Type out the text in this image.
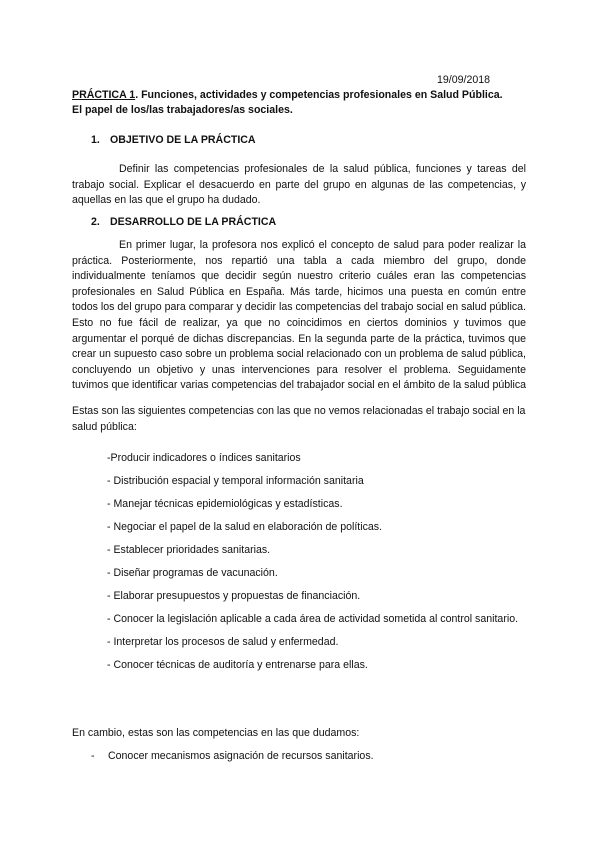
19/09/2018
PRÁCTICA 1. Funciones, actividades y competencias profesionales en Salud Pública.
El papel de los/las trabajadores/as sociales.
1. OBJETIVO DE LA PRÁCTICA

Definir las competencias profesionales de la salud pública, funciones y tareas del trabajo social. Explicar el desacuerdo en parte del grupo en algunas de las competencias, y aquellas en las que el grupo ha dudado.

2. DESARROLLO DE LA PRÁCTICA

En primer lugar, la profesora nos explicó el concepto de salud para poder realizar la práctica. Posteriormente, nos repartió una tabla a cada miembro del grupo, donde individualmente teníamos que decidir según nuestro criterio cuáles eran las competencias profesionales en Salud Pública en España. Más tarde, hicimos una puesta en común entre todos los del grupo para comparar y decidir las competencias del trabajo social en salud pública. Esto no fue fácil de realizar, ya que no coincidimos en ciertos dominios y tuvimos que argumentar el porqué de dichas discrepancias. En la segunda parte de la práctica, tuvimos que crear un supuesto caso sobre un problema social relacionado con un problema de salud pública, concluyendo un objetivo y unas intervenciones para resolver el problema. Seguidamente tuvimos que identificar varias competencias del trabajador social en el ámbito de la salud pública

Estas son las siguientes competencias con las que no vemos relacionadas el trabajo social en la salud pública:

-Producir indicadores o índices sanitarios
- Distribución espacial y temporal información sanitaria
- Manejar técnicas epidemiológicas y estadísticas.
- Negociar el papel de la salud en elaboración de políticas.
- Establecer prioridades sanitarias.
- Diseñar programas de vacunación.
- Elaborar presupuestos y propuestas de financiación.
- Conocer la legislación aplicable a cada área de actividad sometida al control sanitario.
- Interpretar los procesos de salud y enfermedad.
- Conocer técnicas de auditoría y entrenarse para ellas.

En cambio, estas son las competencias en las que dudamos:

- Conocer mecanismos asignación de recursos sanitarios.
